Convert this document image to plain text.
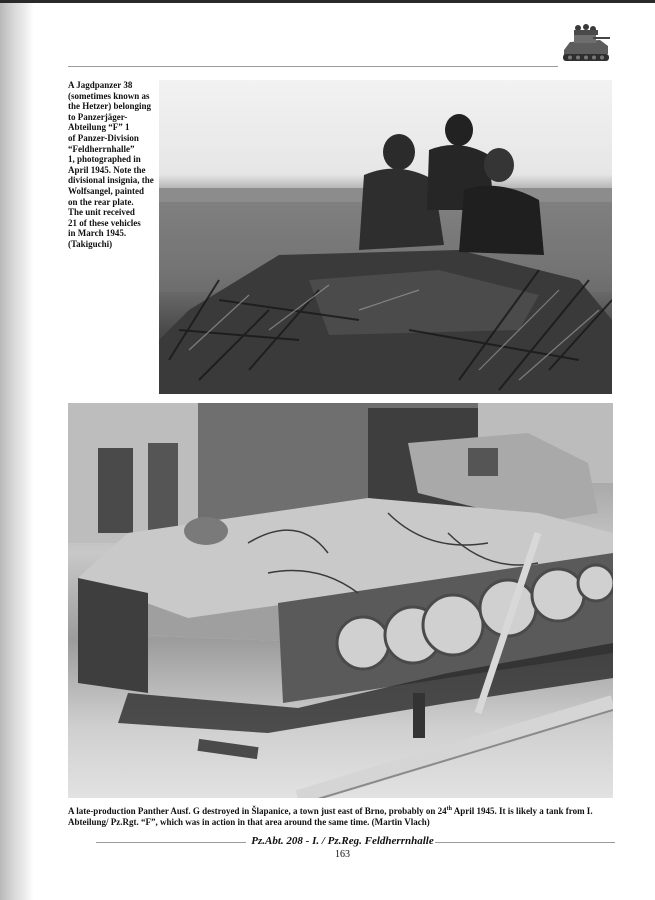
A Jagdpanzer 38
(sometimes known as
the Hetzer) belonging
to Panzerjäger-
Abteilung “F” 1
of Panzer-Division
“Feldherrnhalle”
1, photographed in
April 1945. Note the
divisional insignia, the
Wolfsangel, painted
on the rear plate.
The unit received
21 of these vehicles
in March 1945.
(Takiguchi)
A late-production Panther Ausf. G destroyed in Šlapanice, a town just east of Brno, probably on 24th April 1945. It is likely a tank from I. Abteilung/ Pz.Rgt. “F”, which was in action in that area around the same time. (Martin Vlach)
Pz.Abt. 208 - I. / Pz.Reg. Feldherrnhalle
163
